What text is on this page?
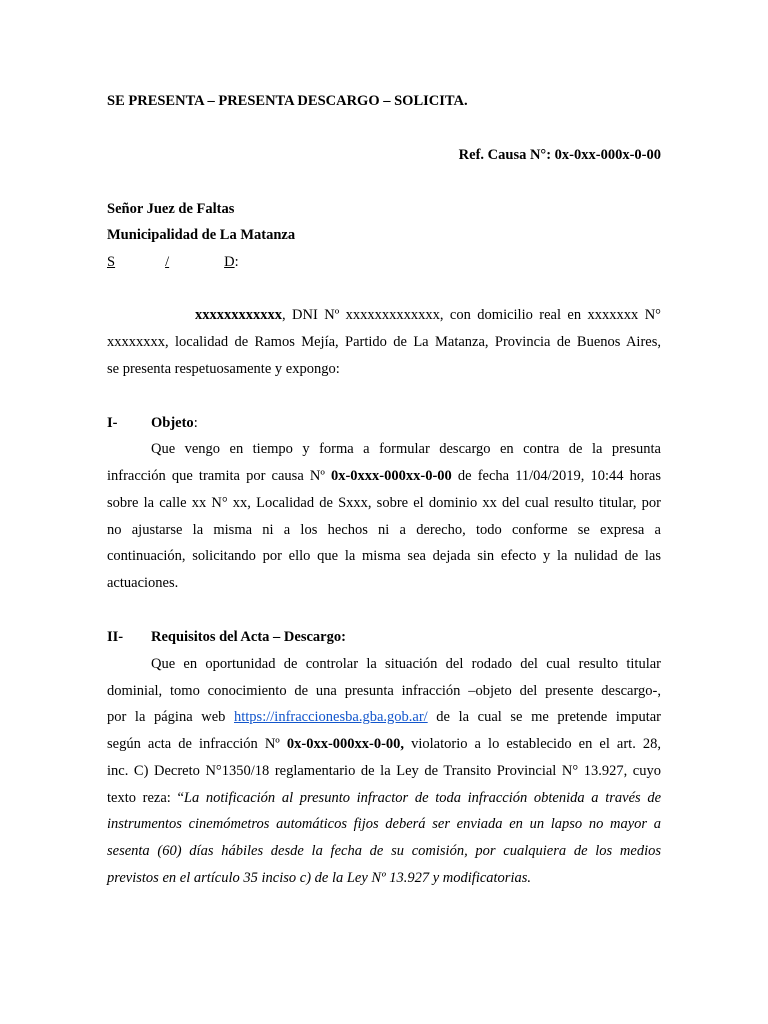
SE PRESENTA – PRESENTA DESCARGO – SOLICITA.
Ref. Causa N°: 0x-0xx-000x-0-00
Señor Juez de Faltas
Municipalidad de La Matanza
S	/	D:
xxxxxxxxxxxx, DNI Nº xxxxxxxxxxxxx, con domicilio real en xxxxxxx N°
xxxxxxxx, localidad de Ramos Mejía, Partido de La Matanza, Provincia de Buenos Aires,
se presenta respetuosamente y expongo:
I- Objeto:
Que vengo en tiempo y forma a formular descargo en contra de la presunta
infracción que tramita por causa Nº 0x-0xxx-000xx-0-00 de fecha 11/04/2019, 10:44 horas
sobre la calle xx N° xx, Localidad de Sxxx, sobre el dominio xx del cual resulto titular, por
no ajustarse la misma ni a los hechos ni a derecho, todo conforme se expresa a
continuación, solicitando por ello que la misma sea dejada sin efecto y la nulidad de las
actuaciones.
II- Requisitos del Acta – Descargo:
Que en oportunidad de controlar la situación del rodado del cual resulto titular
dominial, tomo conocimiento de una presunta infracción –objeto del presente descargo-,
por la página web https://infraccionesba.gba.gob.ar/ de la cual se me pretende imputar
según acta de infracción Nº 0x-0xx-000xx-0-00, violatorio a lo establecido en el art. 28,
inc. C) Decreto N°1350/18 reglamentario de la Ley de Transito Provincial N° 13.927, cuyo
texto reza: “La notificación al presunto infractor de toda infracción obtenida a través de
instrumentos cinemómetros automáticos fijos deberá ser enviada en un lapso no mayor a
sesenta (60) días hábiles desde la fecha de su comisión, por cualquiera de los medios
previstos en el artículo 35 inciso c) de la Ley Nº 13.927 y modificatorias.
